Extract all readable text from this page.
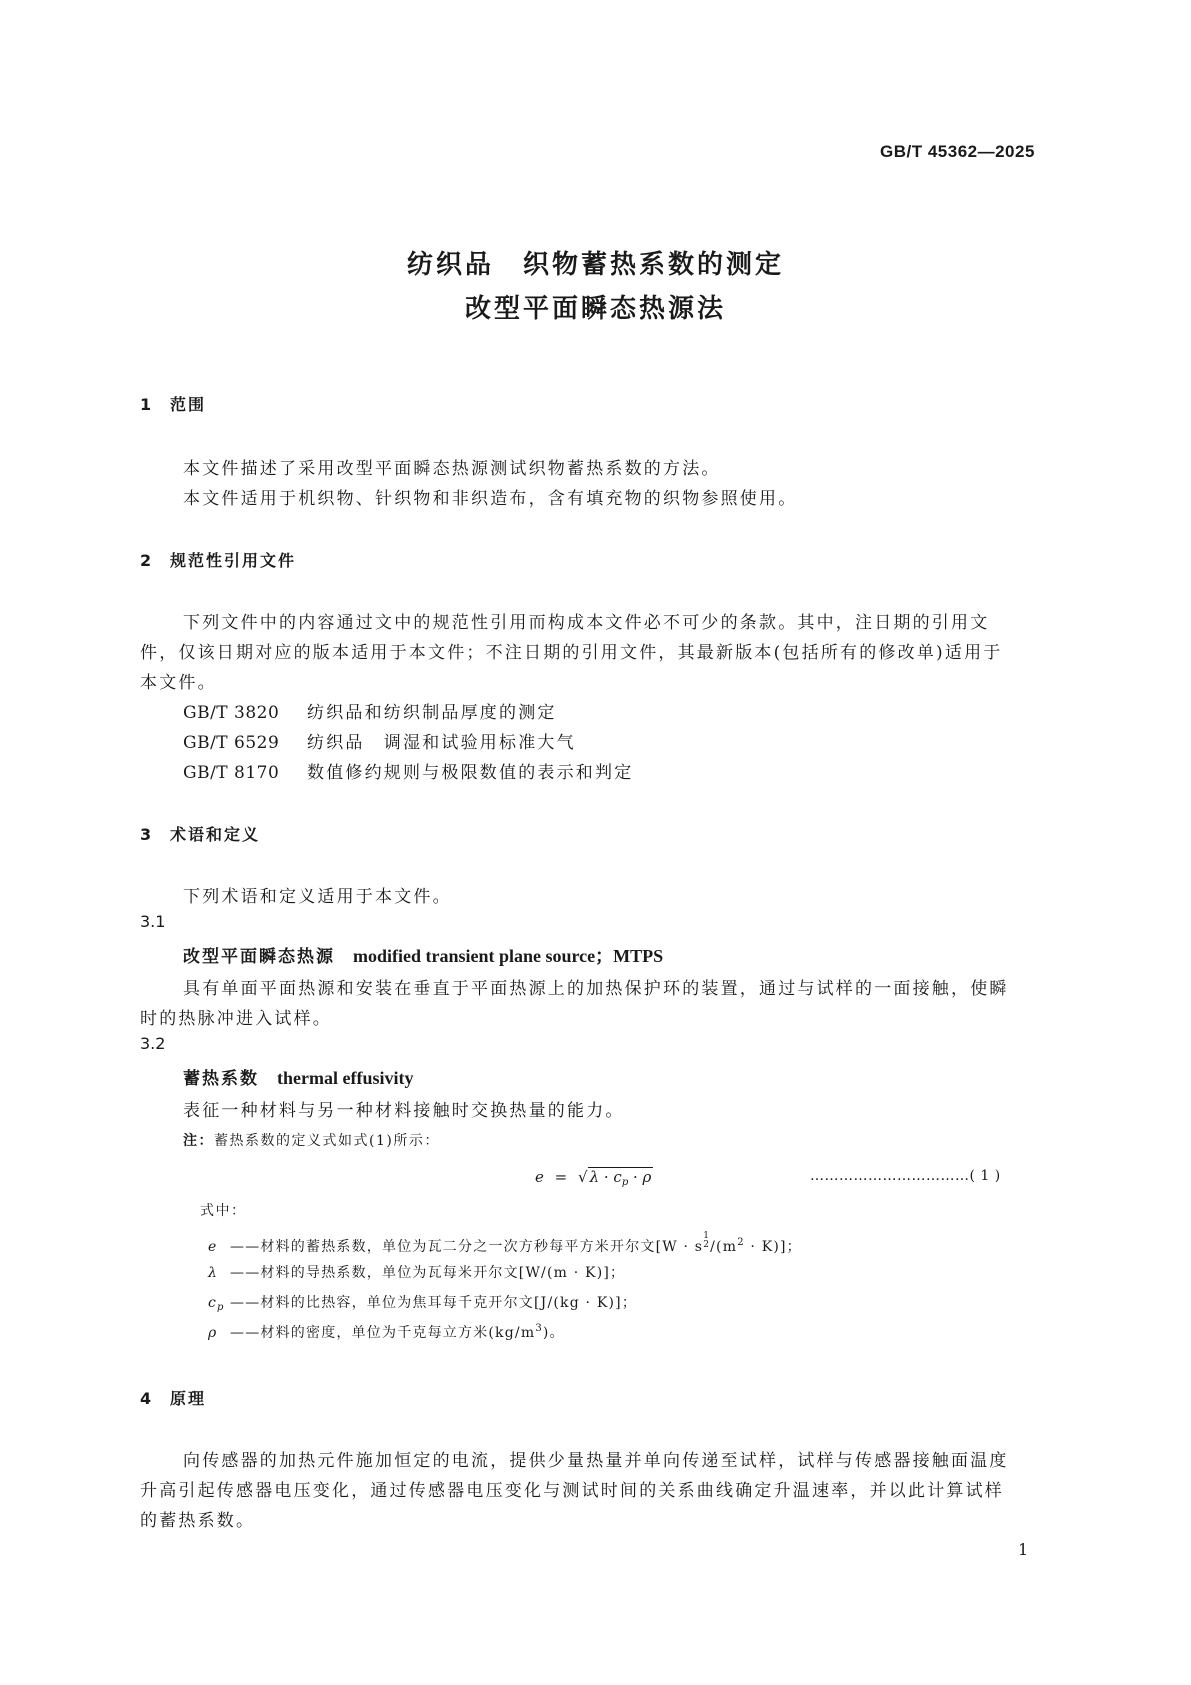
GB/T 45362—2025
纺织品　织物蓄热系数的测定
改型平面瞬态热源法
1 范围
本文件描述了采用改型平面瞬态热源测试织物蓄热系数的方法。
本文件适用于机织物、针织物和非织造布，含有填充物的织物参照使用。
2 规范性引用文件
下列文件中的内容通过文中的规范性引用而构成本文件必不可少的条款。其中，注日期的引用文
件，仅该日期对应的版本适用于本文件；不注日期的引用文件，其最新版本(包括所有的修改单)适用于
本文件。
GB/T 3820 纺织品和纺织制品厚度的测定
GB/T 6529 纺织品　调湿和试验用标准大气
GB/T 8170 数值修约规则与极限数值的表示和判定
3 术语和定义
下列术语和定义适用于本文件。
3.1
改型平面瞬态热源 modified transient plane source；MTPS
具有单面平面热源和安装在垂直于平面热源上的加热保护环的装置，通过与试样的一面接触，使瞬
时的热脉冲进入试样。
3.2
蓄热系数 thermal effusivity
表征一种材料与另一种材料接触时交换热量的能力。
注：蓄热系数的定义式如式(1)所示：
e = √ $\lambda \cdot c_p \cdot \rho$	……………………………( 1 )
式中：
e ——材料的蓄热系数，单位为瓦二分之一次方秒每平方米开尔文[W · s1
$2/(m^2 \cdot K)$]；
λ ——材料的导热系数，单位为瓦每米开尔文[W/(m · K)]；
$c_p$ ——材料的比热容，单位为焦耳每千克开尔文[J/(kg · K)]；
ρ ——材料的密度，单位为千克每立方米$(kg/m^3)$。
4 原理
向传感器的加热元件施加恒定的电流，提供少量热量并单向传递至试样，试样与传感器接触面温度
升高引起传感器电压变化，通过传感器电压变化与测试时间的关系曲线确定升温速率，并以此计算试样
的蓄热系数。
1
